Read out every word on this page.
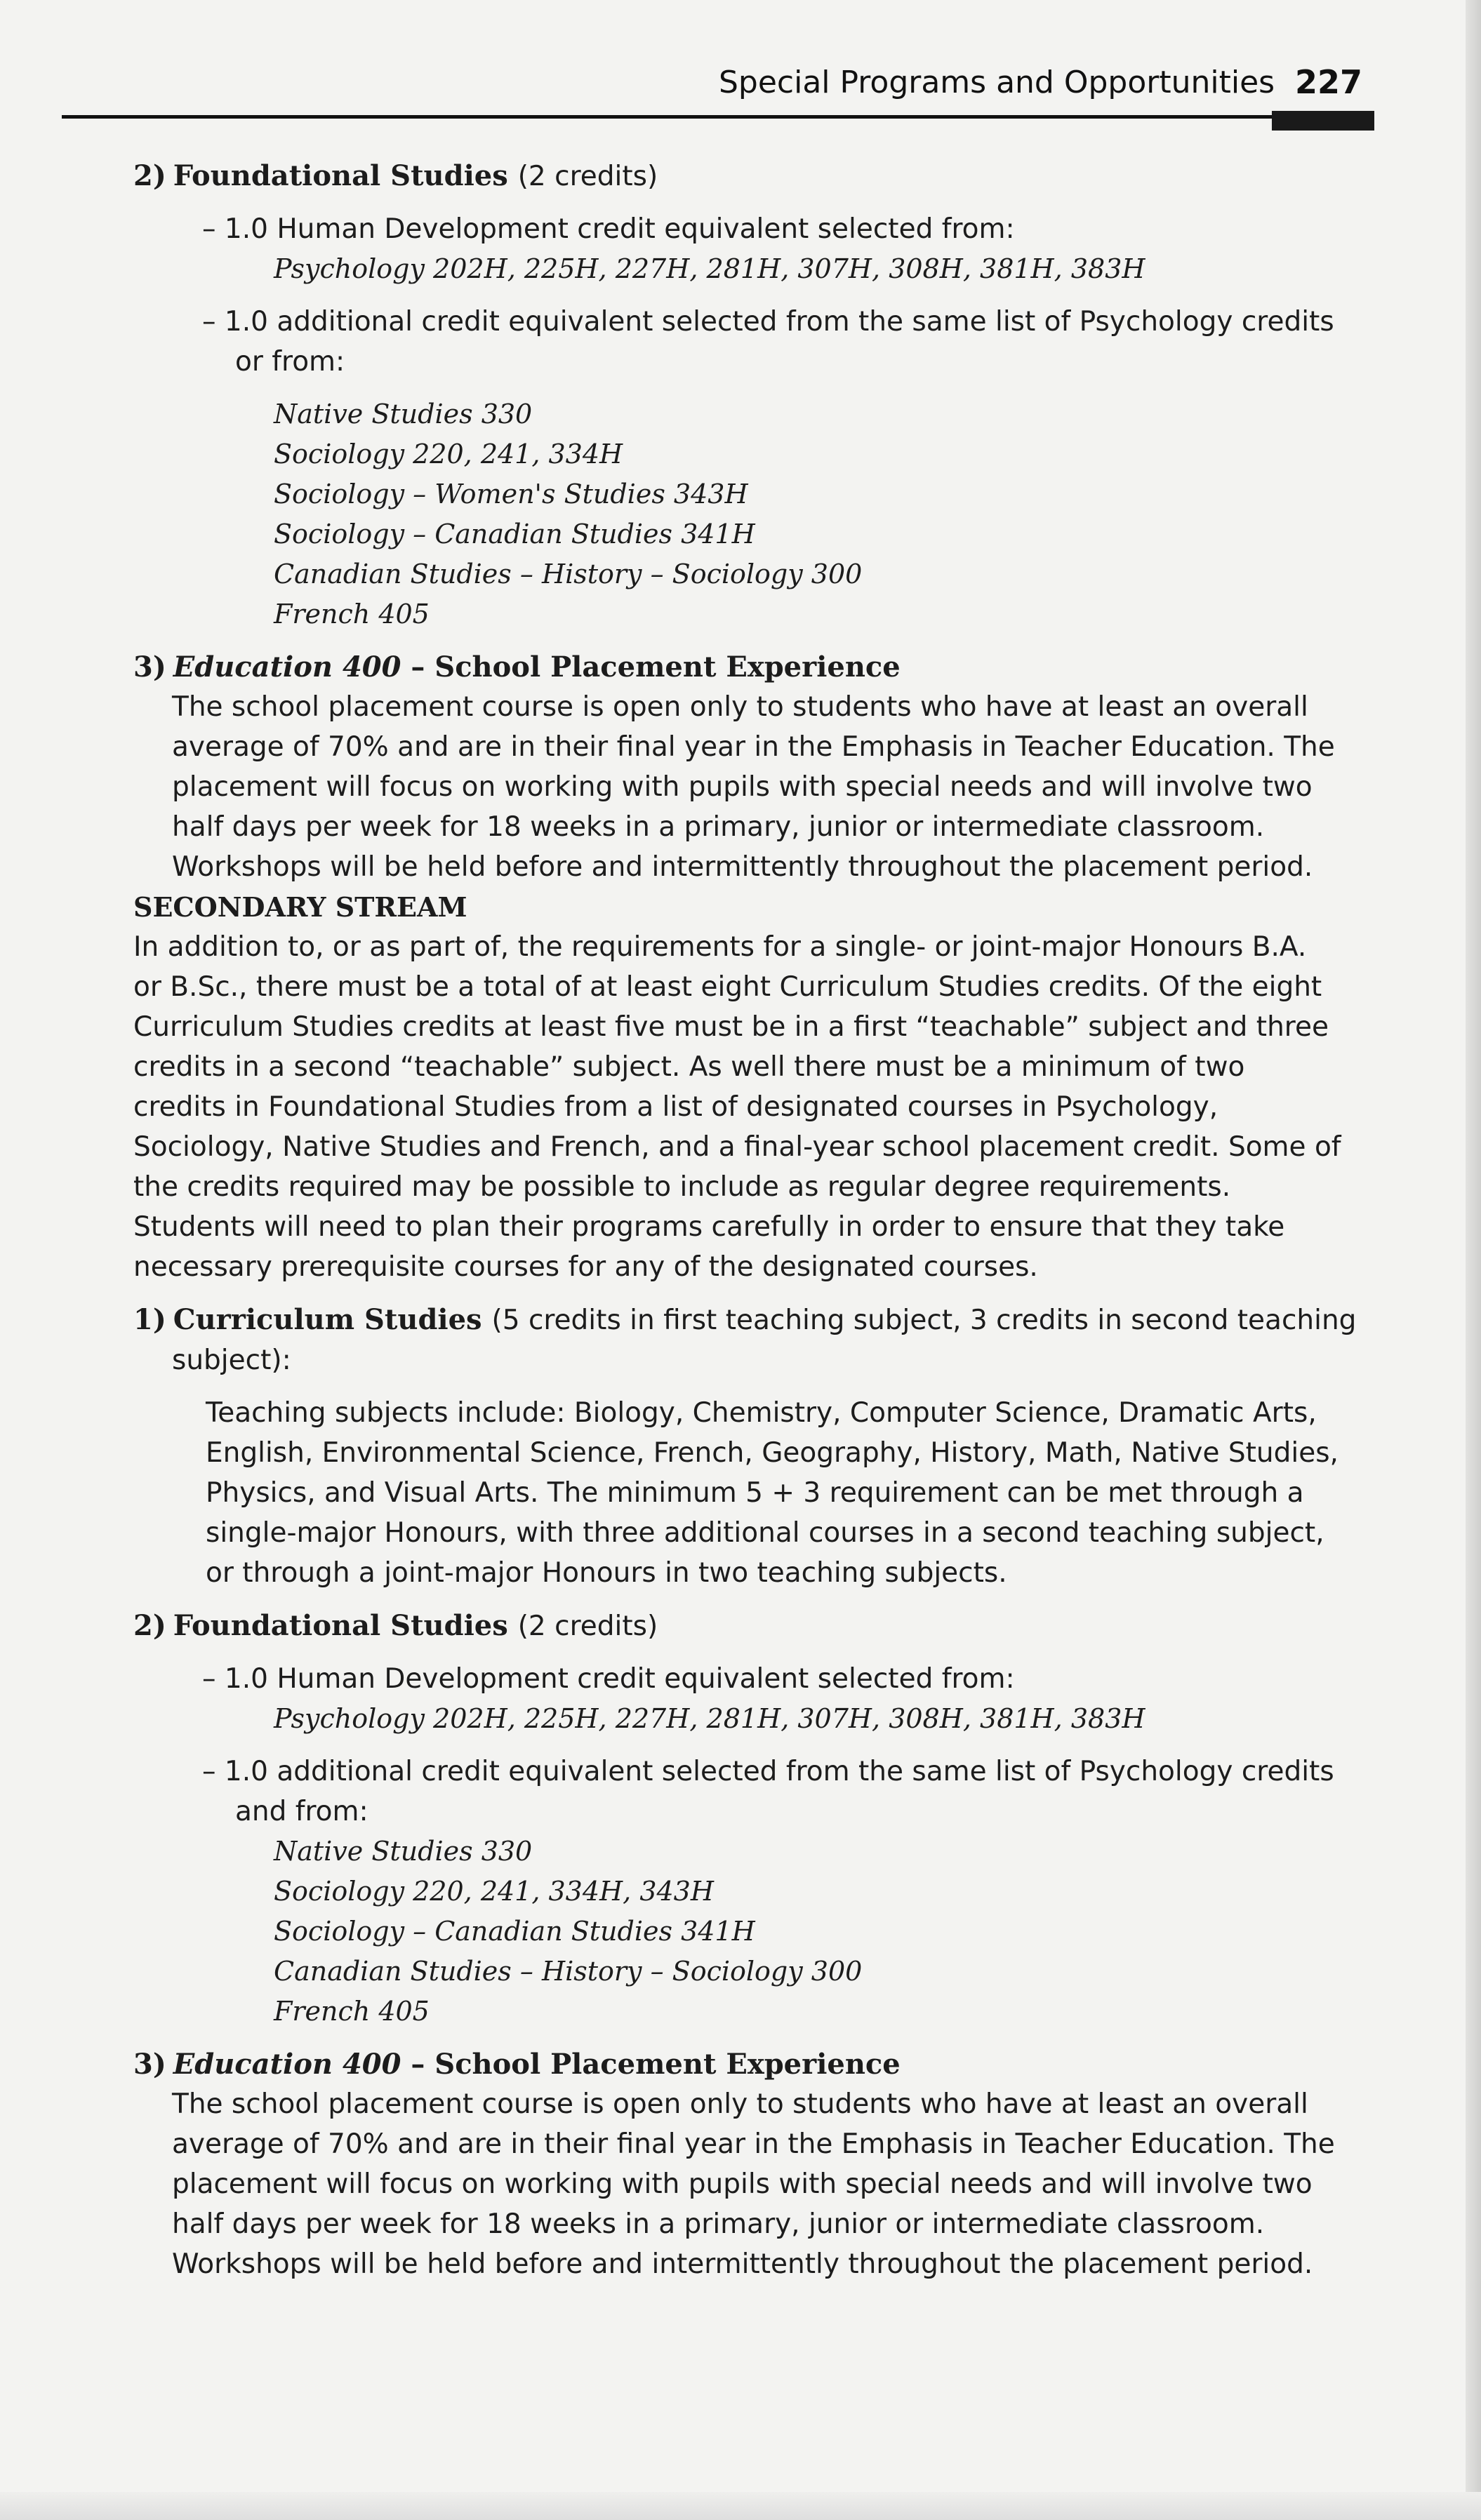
Special Programs and Opportunities 227

2) Foundational Studies (2 credits)

– 1.0 Human Development credit equivalent selected from:

Psychology 202H, 225H, 227H, 281H, 307H, 308H, 381H, 383H

– 1.0 additional credit equivalent selected from the same list of Psychology credits

or from:

Native Studies 330

Sociology 220, 241, 334H

Sociology – Women's Studies 343H

Sociology – Canadian Studies 341H

Canadian Studies – History – Sociology 300

French 405

3) Education 400 – School Placement Experience

The school placement course is open only to students who have at least an overall

average of 70% and are in their final year in the Emphasis in Teacher Education. The

placement will focus on working with pupils with special needs and will involve two

half days per week for 18 weeks in a primary, junior or intermediate classroom.

Workshops will be held before and intermittently throughout the placement period.

SECONDARY STREAM

In addition to, or as part of, the requirements for a single- or joint-major Honours B.A.

or B.Sc., there must be a total of at least eight Curriculum Studies credits. Of the eight

Curriculum Studies credits at least five must be in a first “teachable” subject and three

credits in a second “teachable” subject. As well there must be a minimum of two

credits in Foundational Studies from a list of designated courses in Psychology,

Sociology, Native Studies and French, and a final-year school placement credit. Some of

the credits required may be possible to include as regular degree requirements.

Students will need to plan their programs carefully in order to ensure that they take

necessary prerequisite courses for any of the designated courses.

1) Curriculum Studies (5 credits in first teaching subject, 3 credits in second teaching

subject):

Teaching subjects include: Biology, Chemistry, Computer Science, Dramatic Arts,

English, Environmental Science, French, Geography, History, Math, Native Studies,

Physics, and Visual Arts. The minimum 5 + 3 requirement can be met through a

single-major Honours, with three additional courses in a second teaching subject,

or through a joint-major Honours in two teaching subjects.

2) Foundational Studies (2 credits)

– 1.0 Human Development credit equivalent selected from:

Psychology 202H, 225H, 227H, 281H, 307H, 308H, 381H, 383H

– 1.0 additional credit equivalent selected from the same list of Psychology credits

and from:

Native Studies 330

Sociology 220, 241, 334H, 343H

Sociology – Canadian Studies 341H

Canadian Studies – History – Sociology 300

French 405

3) Education 400 – School Placement Experience

The school placement course is open only to students who have at least an overall

average of 70% and are in their final year in the Emphasis in Teacher Education. The

placement will focus on working with pupils with special needs and will involve two

half days per week for 18 weeks in a primary, junior or intermediate classroom.

Workshops will be held before and intermittently throughout the placement period.
